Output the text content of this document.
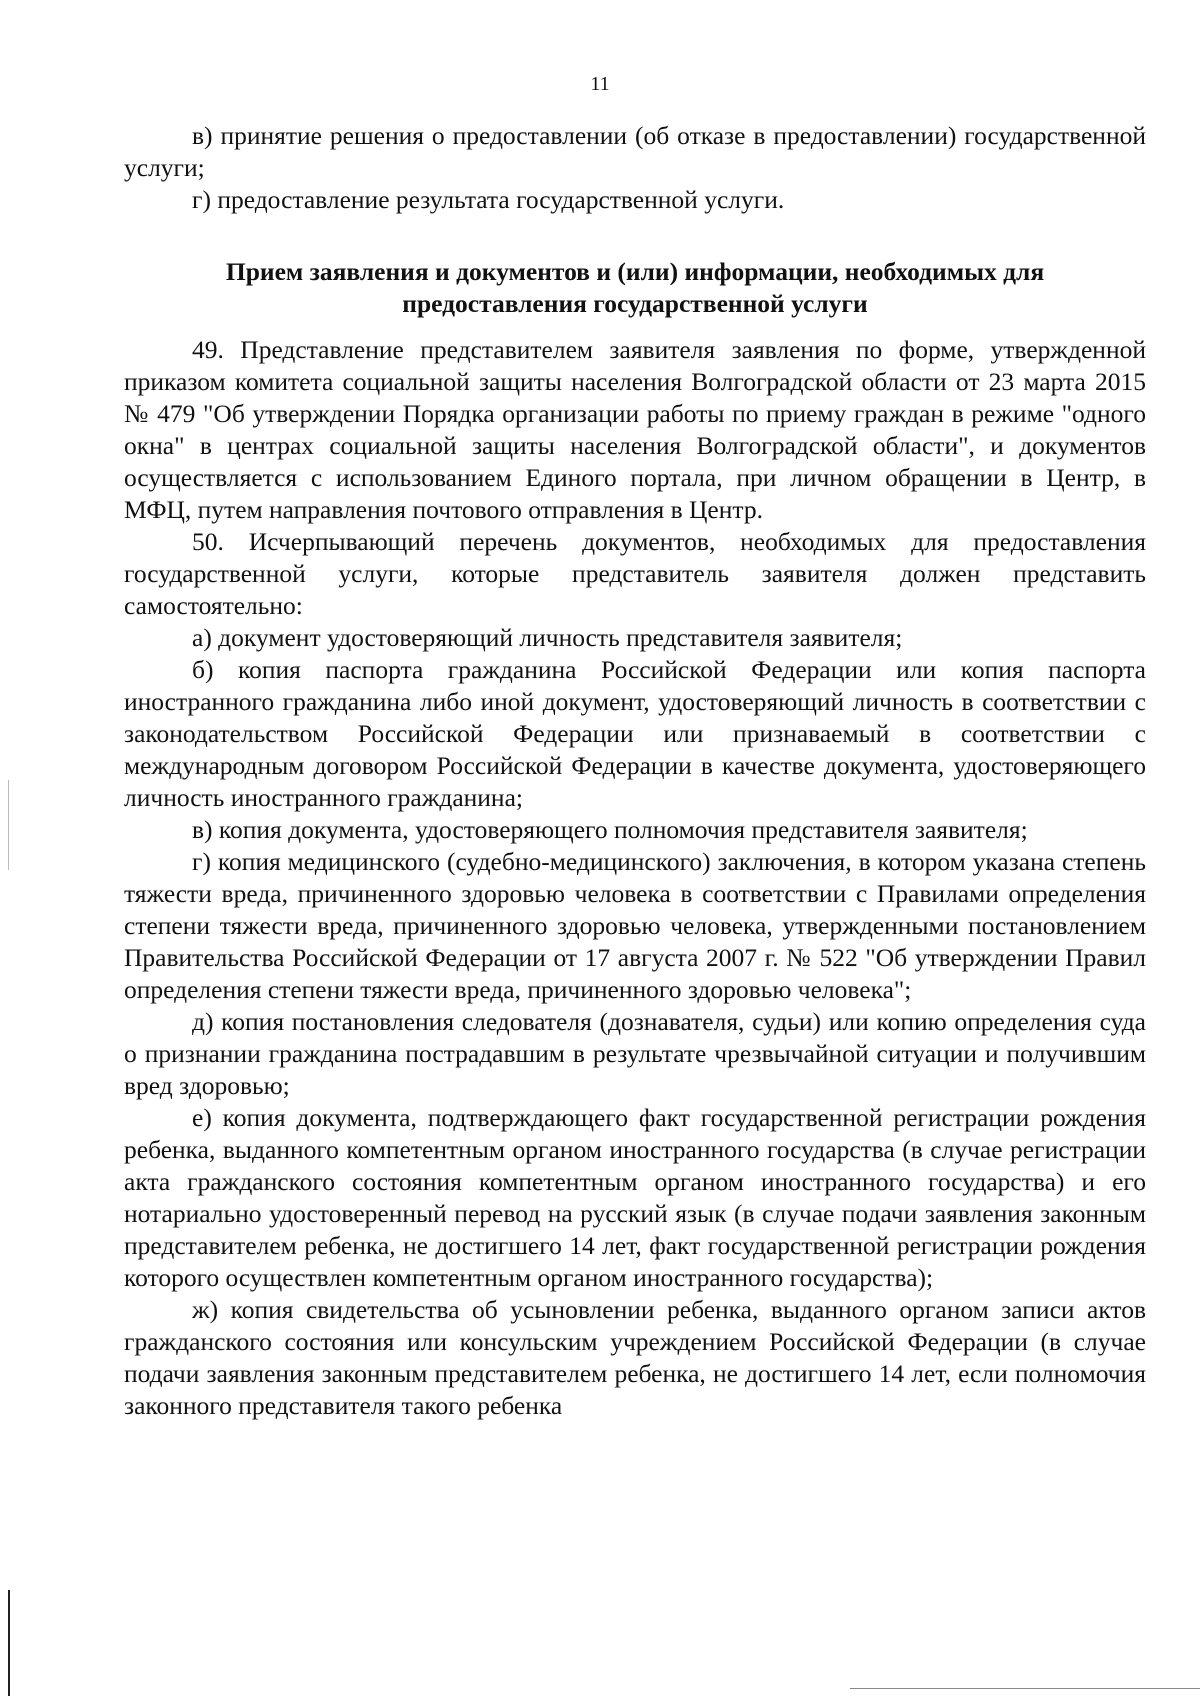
11

в) принятие решения о предоставлении (об отказе в предоставлении) государственной услуги;

г) предоставление результата государственной услуги.

Прием заявления и документов и (или) информации, необходимых для предоставления государственной услуги

49. Представление представителем заявителя заявления по форме, утвержденной приказом комитета социальной защиты населения Волгоградской области от 23 марта 2015 № 479 "Об утверждении Порядка организации работы по приему граждан в режиме "одного окна" в центрах социальной защиты населения Волгоградской области", и документов осуществляется с использованием Единого портала, при личном обращении в Центр, в МФЦ, путем направления почтового отправления в Центр.

50. Исчерпывающий перечень документов, необходимых для предоставления государственной услуги, которые представитель заявителя должен представить самостоятельно:

а) документ удостоверяющий личность представителя заявителя;

б) копия паспорта гражданина Российской Федерации или копия паспорта иностранного гражданина либо иной документ, удостоверяющий личность в соответствии с законодательством Российской Федерации или признаваемый в соответствии с международным договором Российской Федерации в качестве документа, удостоверяющего личность иностранного гражданина;

в) копия документа, удостоверяющего полномочия представителя заявителя;

г) копия медицинского (судебно-медицинского) заключения, в котором указана степень тяжести вреда, причиненного здоровью человека в соответствии с Правилами определения степени тяжести вреда, причиненного здоровью человека, утвержденными постановлением Правительства Российской Федерации от 17 августа 2007 г. № 522 "Об утверждении Правил определения степени тяжести вреда, причиненного здоровью человека";

д) копия постановления следователя (дознавателя, судьи) или копию определения суда о признании гражданина пострадавшим в результате чрезвычайной ситуации и получившим вред здоровью;

е) копия документа, подтверждающего факт государственной регистрации рождения ребенка, выданного компетентным органом иностранного государства (в случае регистрации акта гражданского состояния компетентным органом иностранного государства) и его нотариально удостоверенный перевод на русский язык (в случае подачи заявления законным представителем ребенка, не достигшего 14 лет, факт государственной регистрации рождения которого осуществлен компетентным органом иностранного государства);

ж) копия свидетельства об усыновлении ребенка, выданного органом записи актов гражданского состояния или консульским учреждением Российской Федерации (в случае подачи заявления законным представителем ребенка, не достигшего 14 лет, если полномочия законного представителя такого ребенка
